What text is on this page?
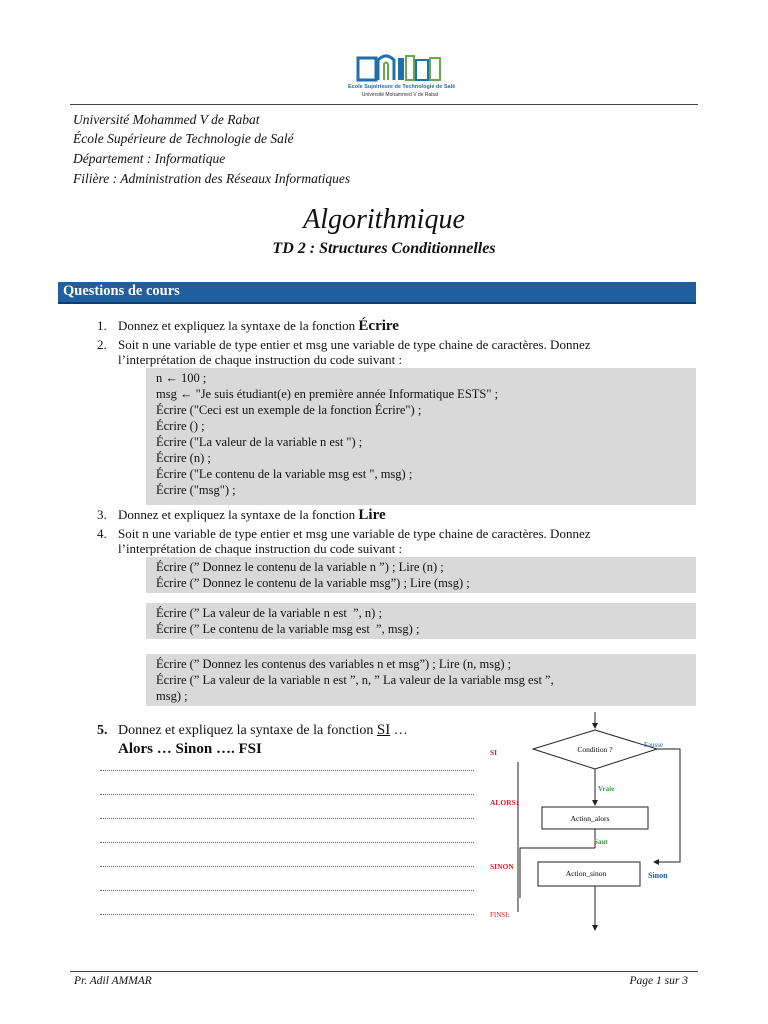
Ecole Supérieure de Technologie de Salé
Université Mohammed V de Rabat
Université Mohammed V de Rabat
École Supérieure de Technologie de Salé
Département : Informatique
Filière : Administration des Réseaux Informatiques
Algorithmique
TD 2 : Structures Conditionnelles
Questions de cours
1. Donnez et expliquez la syntaxe de la fonction Écrire
2. Soit n une variable de type entier et msg une variable de type chaine de caractères. Donnez
l’interprétation de chaque instruction du code suivant :
n ← 100 ;
msg ← "Je suis étudiant(e) en première année Informatique ESTS" ;
Écrire ("Ceci est un exemple de la fonction Écrire") ;
Écrire () ;
Écrire ("La valeur de la variable n est ") ;
Écrire (n) ;
Écrire ("Le contenu de la variable msg est ", msg) ;
Écrire ("msg") ;
3. Donnez et expliquez la syntaxe de la fonction Lire
4. Soit n une variable de type entier et msg une variable de type chaine de caractères. Donnez
l’interprétation de chaque instruction du code suivant :
Écrire (” Donnez le contenu de la variable n ”) ; Lire (n) ;
Écrire (” Donnez le contenu de la variable msg”) ; Lire (msg) ;
Écrire (” La valeur de la variable n est  ”, n) ;
Écrire (” Le contenu de la variable msg est  ”, msg) ;
Écrire (” Donnez les contenus des variables n et msg”) ; Lire (n, msg) ;
Écrire (” La valeur de la variable n est ”, n, ” La valeur de la variable msg est ”,
msg) ;
5. Donnez et expliquez la syntaxe de la fonction SI …
Alors … Sinon …. FSI	SI
ALORS:
SINON
FINSI:
Condition ?	Fausse
Vraie
Action_alors
Saut
Action_sinon	Sinon
Pr. Adil AMMAR	Page 1 sur 3
